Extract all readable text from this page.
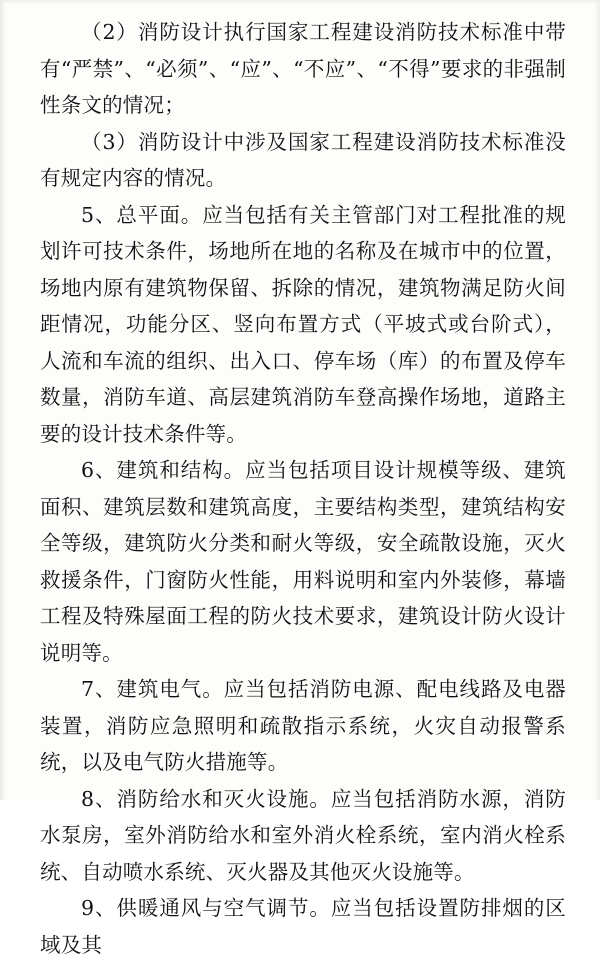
（2）消防设计执行国家工程建设消防技术标准中带有“严禁”、“必须”、“应”、“不应”、“不得”要求的非强制性条文的情况；

（3）消防设计中涉及国家工程建设消防技术标准没有规定内容的情况。

5、总平面。应当包括有关主管部门对工程批准的规划许可技术条件，场地所在地的名称及在城市中的位置，场地内原有建筑物保留、拆除的情况，建筑物满足防火间距情况，功能分区、竖向布置方式（平坡式或台阶式），人流和车流的组织、出入口、停车场（库）的布置及停车数量，消防车道、高层建筑消防车登高操作场地，道路主要的设计技术条件等。

6、建筑和结构。应当包括项目设计规模等级、建筑面积、建筑层数和建筑高度，主要结构类型，建筑结构安全等级，建筑防火分类和耐火等级，安全疏散设施，灭火救援条件，门窗防火性能，用料说明和室内外装修，幕墙工程及特殊屋面工程的防火技术要求，建筑设计防火设计说明等。

7、建筑电气。应当包括消防电源、配电线路及电器装置，消防应急照明和疏散指示系统，火灾自动报警系统，以及电气防火措施等。

8、消防给水和灭火设施。应当包括消防水源，消防水泵房，室外消防给水和室外消火栓系统，室内消火栓系统、自动喷水系统、灭火器及其他灭火设施等。

9、供暖通风与空气调节。应当包括设置防排烟的区域及其
